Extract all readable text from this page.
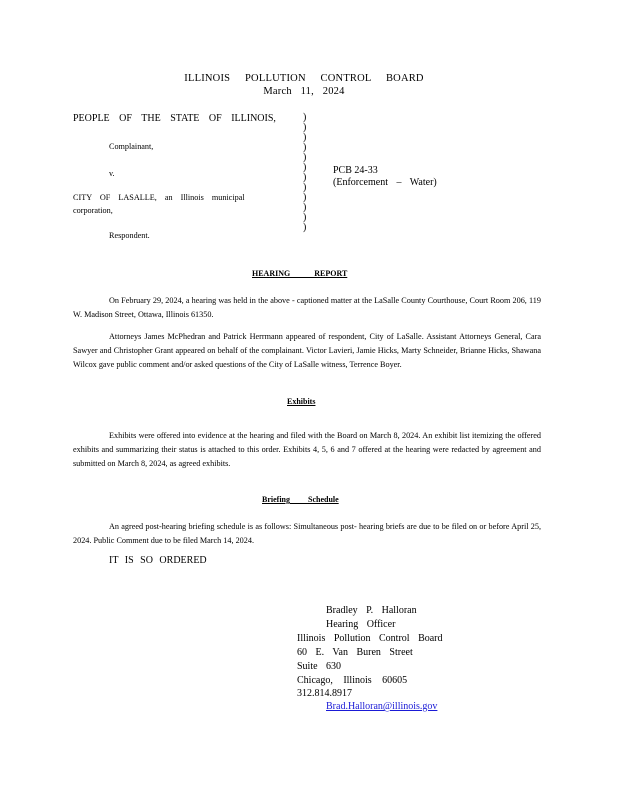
ILLINOIS POLLUTION CONTROL BOARD
March 11, 2024
PEOPLE OF THE STATE OF ILLINOIS,
Complainant,
v.
CITY OF LASALLE, an Illinois municipal
corporation,
Respondent.
)
)
)
)
)
)
)
)
)
)
)
)
PCB 24-33
(Enforcement – Water)
HEARING REPORT
On February 29, 2024, a hearing was held in the above - captioned matter at the LaSalle County Courthouse, Court Room 206, 119 W. Madison Street, Ottawa, Illinois 61350.
Attorneys James McPhedran and Patrick Herrmann appeared of respondent, City of LaSalle. Assistant Attorneys General, Cara Sawyer and Christopher Grant appeared on behalf of the complainant. Victor Lavieri, Jamie Hicks, Marty Schneider, Brianne Hicks, Shawana Wilcox gave public comment and/or asked questions of the City of LaSalle witness, Terrence Boyer.
Exhibits
Exhibits were offered into evidence at the hearing and filed with the Board on March 8, 2024. An exhibit list itemizing the offered exhibits and summarizing their status is attached to this order. Exhibits 4, 5, 6 and 7 offered at the hearing were redacted by agreement and submitted on March 8, 2024, as agreed exhibits.
Briefing Schedule
An agreed post-hearing briefing schedule is as follows: Simultaneous post- hearing briefs are due to be filed on or before April 25, 2024. Public Comment due to be filed March 14, 2024.
IT IS SO ORDERED
Bradley P. Halloran
Hearing Officer
Illinois Pollution Control Board
60 E. Van Buren Street
Suite 630
Chicago, Illinois 60605
312.814.8917
Brad.Halloran@illinois.gov
